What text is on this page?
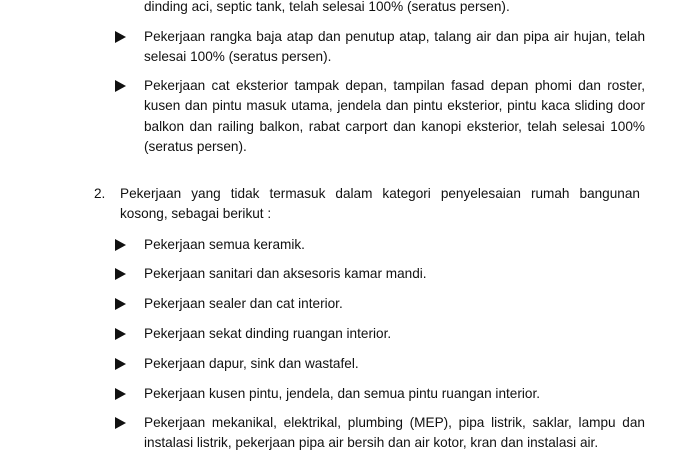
dinding aci, septic tank, telah selesai 100% (seratus persen).
Pekerjaan rangka baja atap dan penutup atap, talang air dan pipa air hujan, telah selesai 100% (seratus persen).
Pekerjaan cat eksterior tampak depan, tampilan fasad depan phomi dan roster, kusen dan pintu masuk utama, jendela dan pintu eksterior, pintu kaca sliding door balkon dan railing balkon, rabat carport dan kanopi eksterior, telah selesai 100% (seratus persen).
2. Pekerjaan yang tidak termasuk dalam kategori penyelesaian rumah bangunan kosong, sebagai berikut :
Pekerjaan semua keramik.
Pekerjaan sanitari dan aksesoris kamar mandi.
Pekerjaan sealer dan cat interior.
Pekerjaan sekat dinding ruangan interior.
Pekerjaan dapur, sink dan wastafel.
Pekerjaan kusen pintu, jendela, dan semua pintu ruangan interior.
Pekerjaan mekanikal, elektrikal, plumbing (MEP), pipa listrik, saklar, lampu dan instalasi listrik, pekerjaan pipa air bersih dan air kotor, kran dan instalasi air.
